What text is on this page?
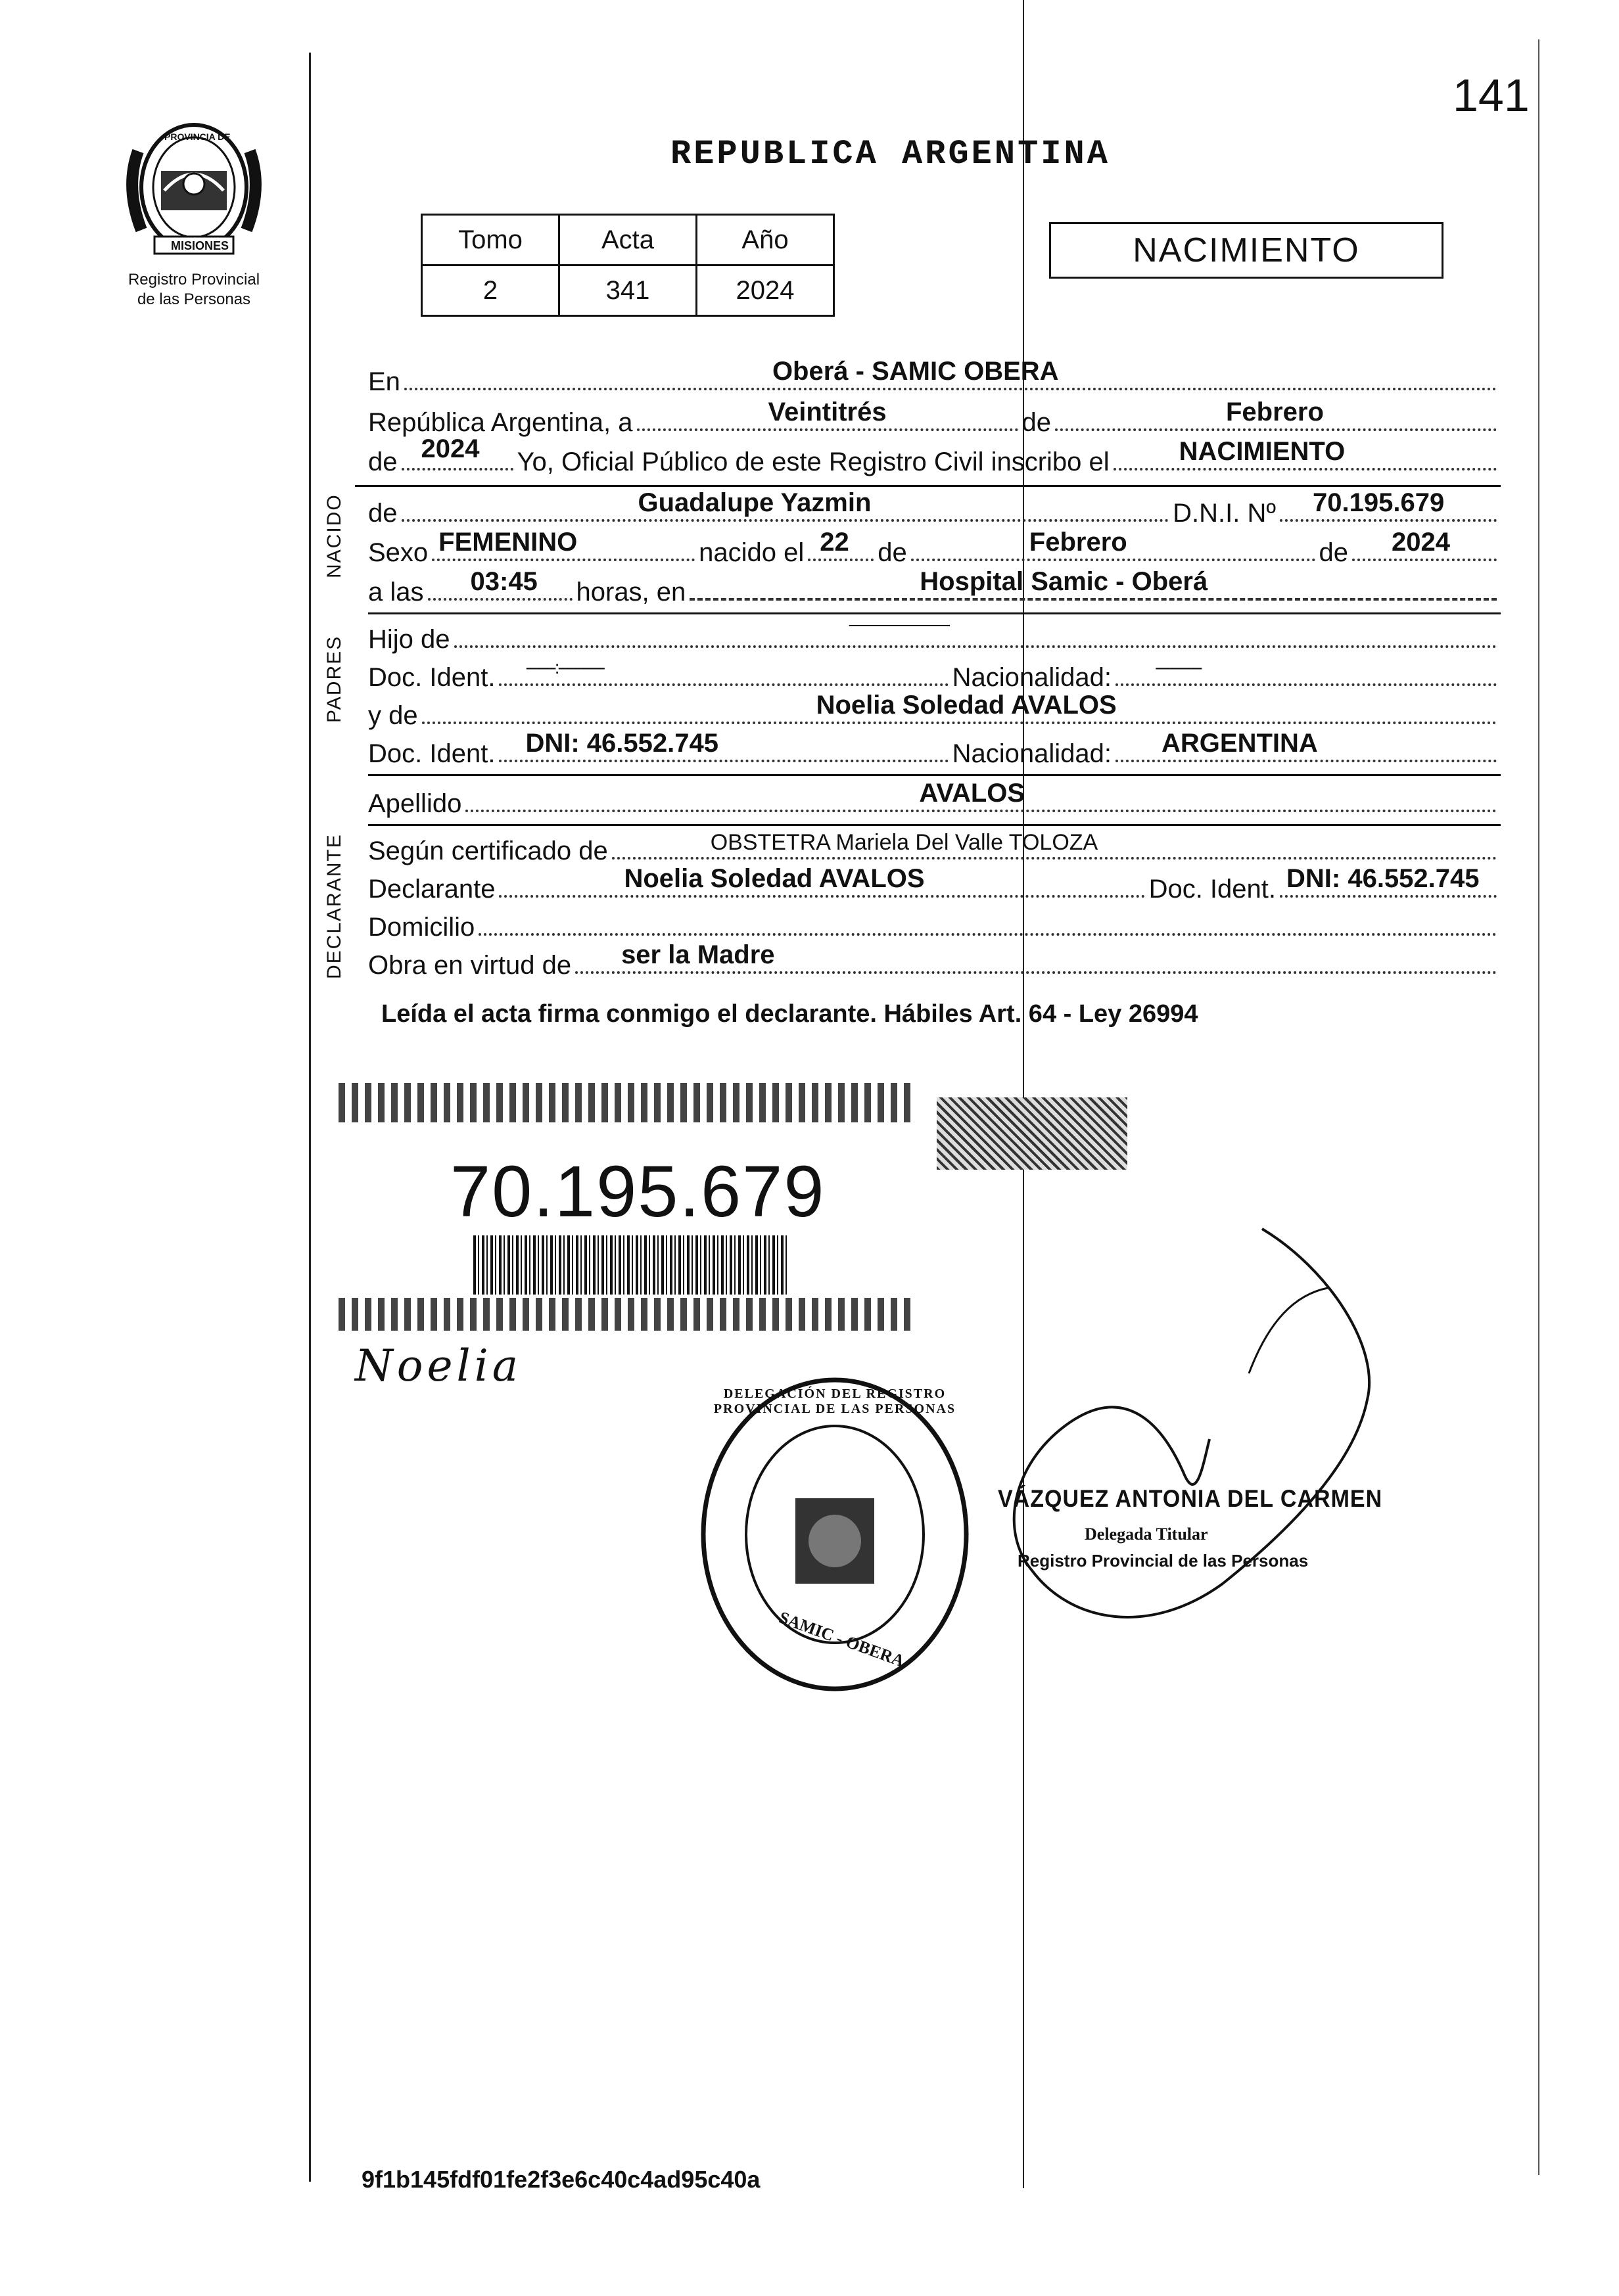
141
PROVINCIA DE
MISIONES
Registro Provincial
de las Personas
REPUBLICA ARGENTINA
Tomo	Acta	Año
2	341	2024
NACIMIENTO
En	Oberá - SAMIC OBERA
República Argentina, a	Veintitrés	de	Febrero
de 2024 Yo, Oficial Público de este Registro Civil inscribo el	NACIMIENTO
NACIDO de	Guadalupe Yazmin	D.N.I. Nº 70.195.679
Sexo FEMENINO	nacido el 22 de	Febrero	de 2024
a las 03:45 horas, en	Hospital Samic - Oberá
PADRES Hijo de
---------------------------
Doc. Ident. -------:-----------	Nacionalidad: -----------
y de	Noelia Soledad AVALOS
Doc. Ident. DNI: 46.552.745	Nacionalidad: ARGENTINA
Apellido	AVALOS
DECLARANTE Según certificado de	OBSTETRA Mariela Del Valle TOLOZA
Declarante	Noelia Soledad AVALOS	Doc. Ident. DNI: 46.552.745
Domicilio
Obra en virtud de ser la Madre
Leída el acta firma conmigo el declarante. Hábiles Art. 64 - Ley 26994
70.195.679
Noelia
DELEGACIÓN DEL REGISTRO PROVINCIAL DE LAS PERSONAS
SAMIC - OBERA
VÁZQUEZ ANTONIA DEL CARMEN
Delegada Titular
Registro Provincial de las Personas
9f1b145fdf01fe2f3e6c40c4ad95c40a
